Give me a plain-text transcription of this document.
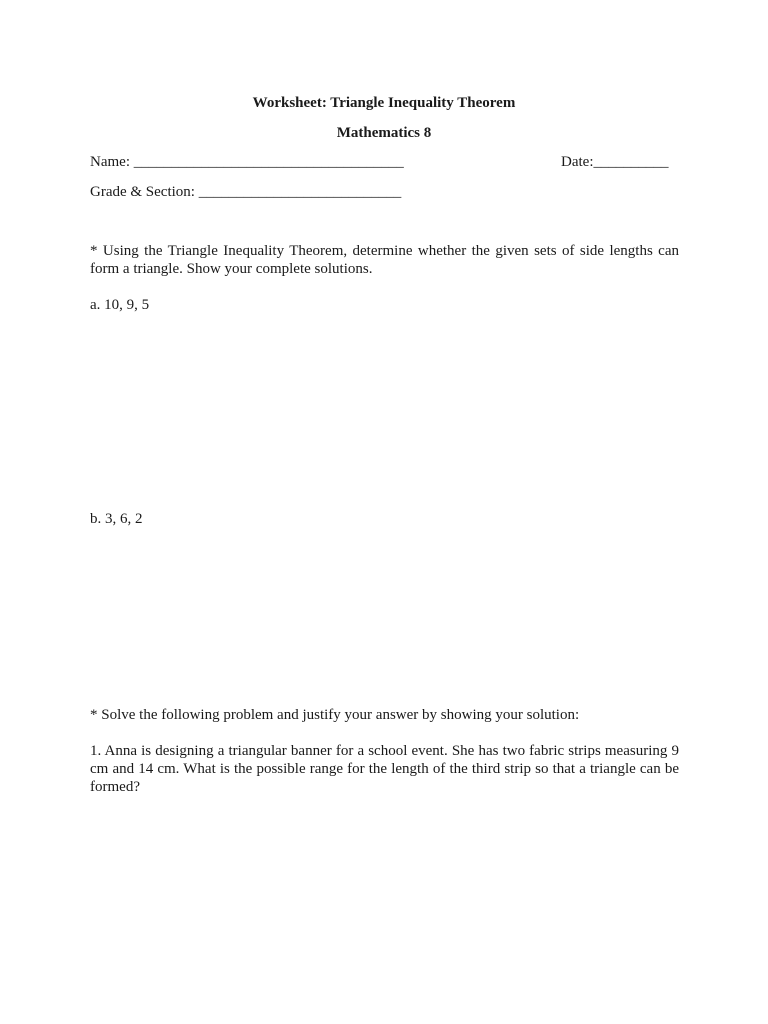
Worksheet: Triangle Inequality Theorem
Mathematics 8
Name: ____________________________________	Date:__________
Grade & Section: ___________________________
* Using the Triangle Inequality Theorem, determine whether the given sets of side lengths can form a triangle. Show your complete solutions.
a. 10, 9, 5
b. 3, 6, 2
* Solve the following problem and justify your answer by showing your solution:
1. Anna is designing a triangular banner for a school event. She has two fabric strips measuring 9 cm and 14 cm. What is the possible range for the length of the third strip so that a triangle can be formed?
